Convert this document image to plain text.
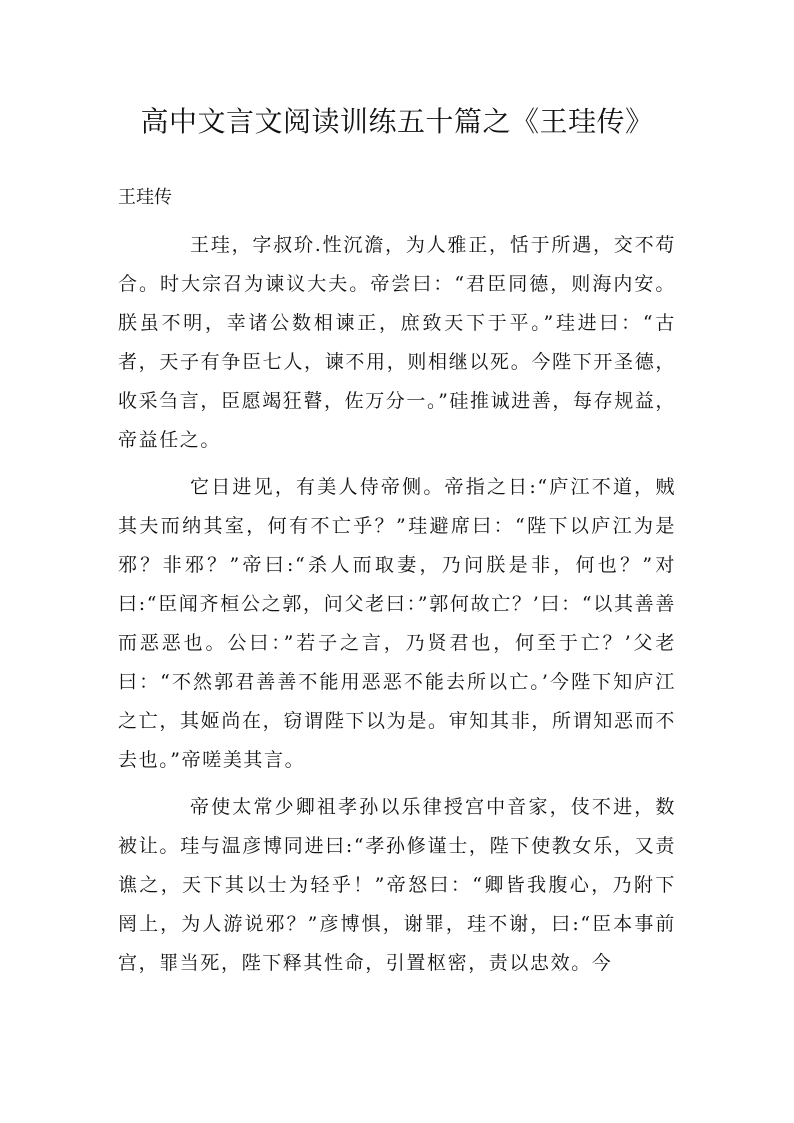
高中文言文阅读训练五十篇之《王珪传》

王珪传

王珪，字叔玠.性沉澹，为人雅正，恬于所遇，交不苟合。时大宗召为谏议大夫。帝尝曰：“君臣同德，则海内安。朕虽不明，幸诸公数相谏正，庶致天下于平。”珪进曰：“古者，天子有争臣七人，谏不用，则相继以死。今陛下开圣德，收采刍言，臣愿竭狂瞽，佐万分一。”硅推诚进善，每存规益，帝益任之。

它日进见，有美人侍帝侧。帝指之日:“庐江不道，贼其夫而纳其室，何有不亡乎？”珪避席曰：“陛下以庐江为是邪？非邪？”帝曰:“杀人而取妻，乃问朕是非，何也？”对曰:“臣闻齐桓公之郭，问父老曰：”郭何故亡？’曰：“以其善善而恶恶也。公曰：”若子之言，乃贤君也，何至于亡？’父老曰：“不然郭君善善不能用恶恶不能去所以亡。’今陛下知庐江之亡，其姬尚在，窃谓陛下以为是。审知其非，所谓知恶而不去也。”帝嗟美其言。

帝使太常少卿祖孝孙以乐律授宫中音家，伎不进，数被让。珪与温彦博同进曰:“孝孙修谨士，陛下使教女乐，又责谯之，天下其以士为轻乎！”帝怒曰：“卿皆我腹心，乃附下罔上，为人游说邪？”彦博惧，谢罪，珪不谢，曰:“臣本事前宫，罪当死，陛下释其性命，引置枢密，责以忠效。今
